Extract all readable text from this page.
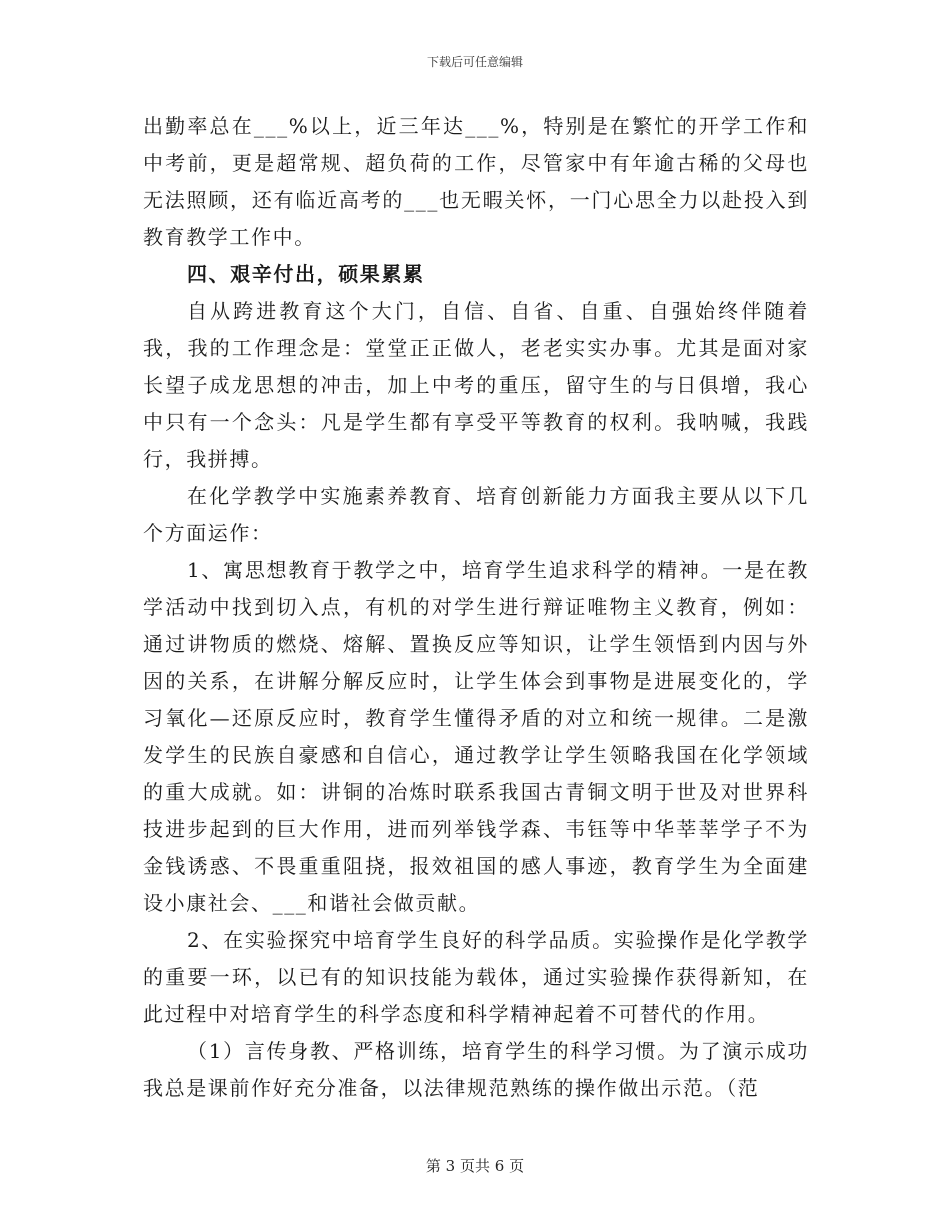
下载后可任意编辑

出勤率总在___%以上，近三年达___%，特别是在繁忙的开学工作和中考前，更是超常规、超负荷的工作，尽管家中有年逾古稀的父母也无法照顾，还有临近高考的___也无暇关怀，一门心思全力以赴投入到教育教学工作中。

四、艰辛付出，硕果累累

自从跨进教育这个大门，自信、自省、自重、自强始终伴随着我，我的工作理念是：堂堂正正做人，老老实实办事。尤其是面对家长望子成龙思想的冲击，加上中考的重压，留守生的与日俱增，我心中只有一个念头：凡是学生都有享受平等教育的权利。我呐喊，我践行，我拼搏。

在化学教学中实施素养教育、培育创新能力方面我主要从以下几个方面运作：

1、寓思想教育于教学之中，培育学生追求科学的精神。一是在教学活动中找到切入点，有机的对学生进行辩证唯物主义教育，例如：通过讲物质的燃烧、熔解、置换反应等知识，让学生领悟到内因与外因的关系，在讲解分解反应时，让学生体会到事物是进展变化的，学习氧化—还原反应时，教育学生懂得矛盾的对立和统一规律。二是激发学生的民族自豪感和自信心，通过教学让学生领略我国在化学领域的重大成就。如：讲铜的冶炼时联系我国古青铜文明于世及对世界科技进步起到的巨大作用，进而列举钱学森、韦钰等中华莘莘学子不为金钱诱惑、不畏重重阻挠，报效祖国的感人事迹，教育学生为全面建设小康社会、___和谐社会做贡献。

2、在实验探究中培育学生良好的科学品质。实验操作是化学教学的重要一环，以已有的知识技能为载体，通过实验操作获得新知，在此过程中对培育学生的科学态度和科学精神起着不可替代的作用。

（1）言传身教、严格训练，培育学生的科学习惯。为了演示成功我总是课前作好充分准备，以法律规范熟练的操作做出示范。（范

第 3 页共 6 页
